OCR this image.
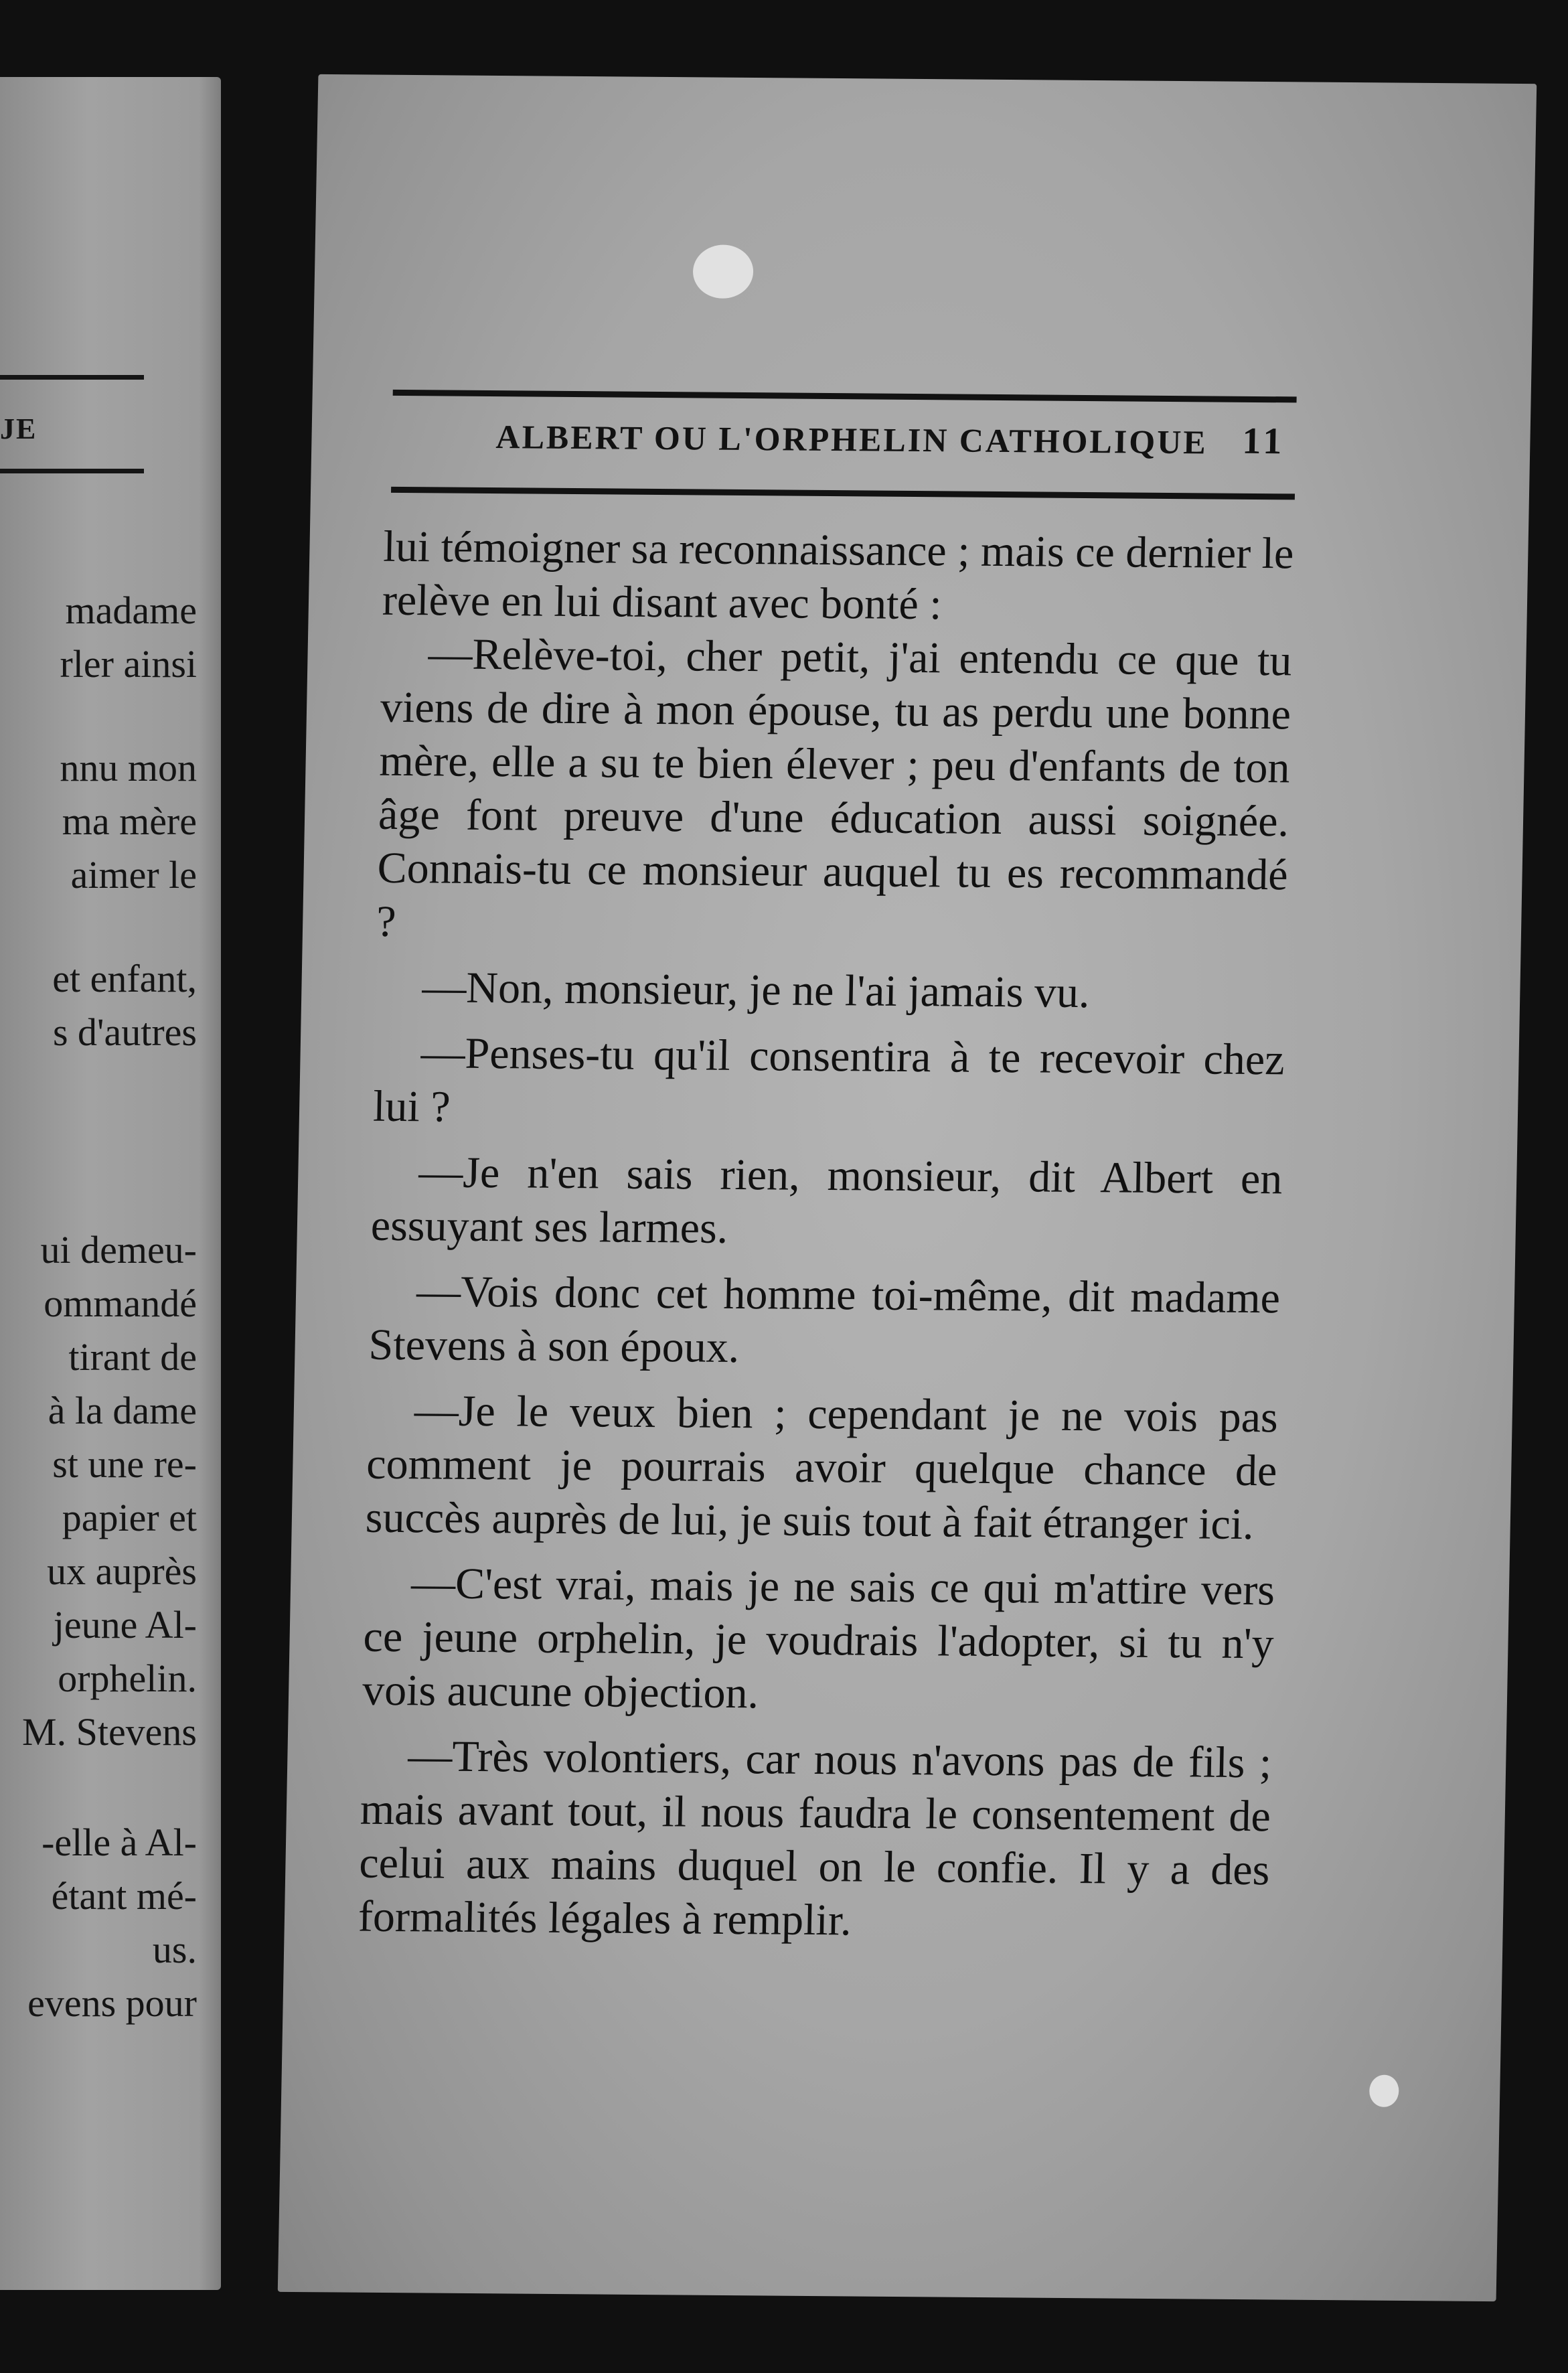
JE
madame
rler ainsi
nnu mon
ma mère
aimer le
et enfant,
s d'autres
ui demeu-
ommandé
tirant de
à la dame
st une re-
papier et
ux auprès
jeune Al-
orphelin.
M. Stevens
-elle à Al-
étant mé-
us.
evens pour
ALBERT OU L'ORPHELIN CATHOLIQUE 11

lui témoigner sa reconnaissance ; mais ce dernier le relève en lui disant avec bonté :

—Relève-toi, cher petit, j'ai entendu ce que tu viens de dire à mon épouse, tu as perdu une bonne mère, elle a su te bien élever ; peu d'enfants de ton âge font preuve d'une éducation aussi soignée. Connais-tu ce monsieur auquel tu es recommandé ?

—Non, monsieur, je ne l'ai jamais vu.

—Penses-tu qu'il consentira à te recevoir chez lui ?

—Je n'en sais rien, monsieur, dit Albert en essuyant ses larmes.

—Vois donc cet homme toi-même, dit madame Stevens à son époux.

—Je le veux bien ; cependant je ne vois pas comment je pourrais avoir quelque chance de succès auprès de lui, je suis tout à fait étranger ici.

—C'est vrai, mais je ne sais ce qui m'attire vers ce jeune orphelin, je voudrais l'adopter, si tu n'y vois aucune objection.

—Très volontiers, car nous n'avons pas de fils ; mais avant tout, il nous faudra le consentement de celui aux mains duquel on le confie. Il y a des formalités légales à remplir.
